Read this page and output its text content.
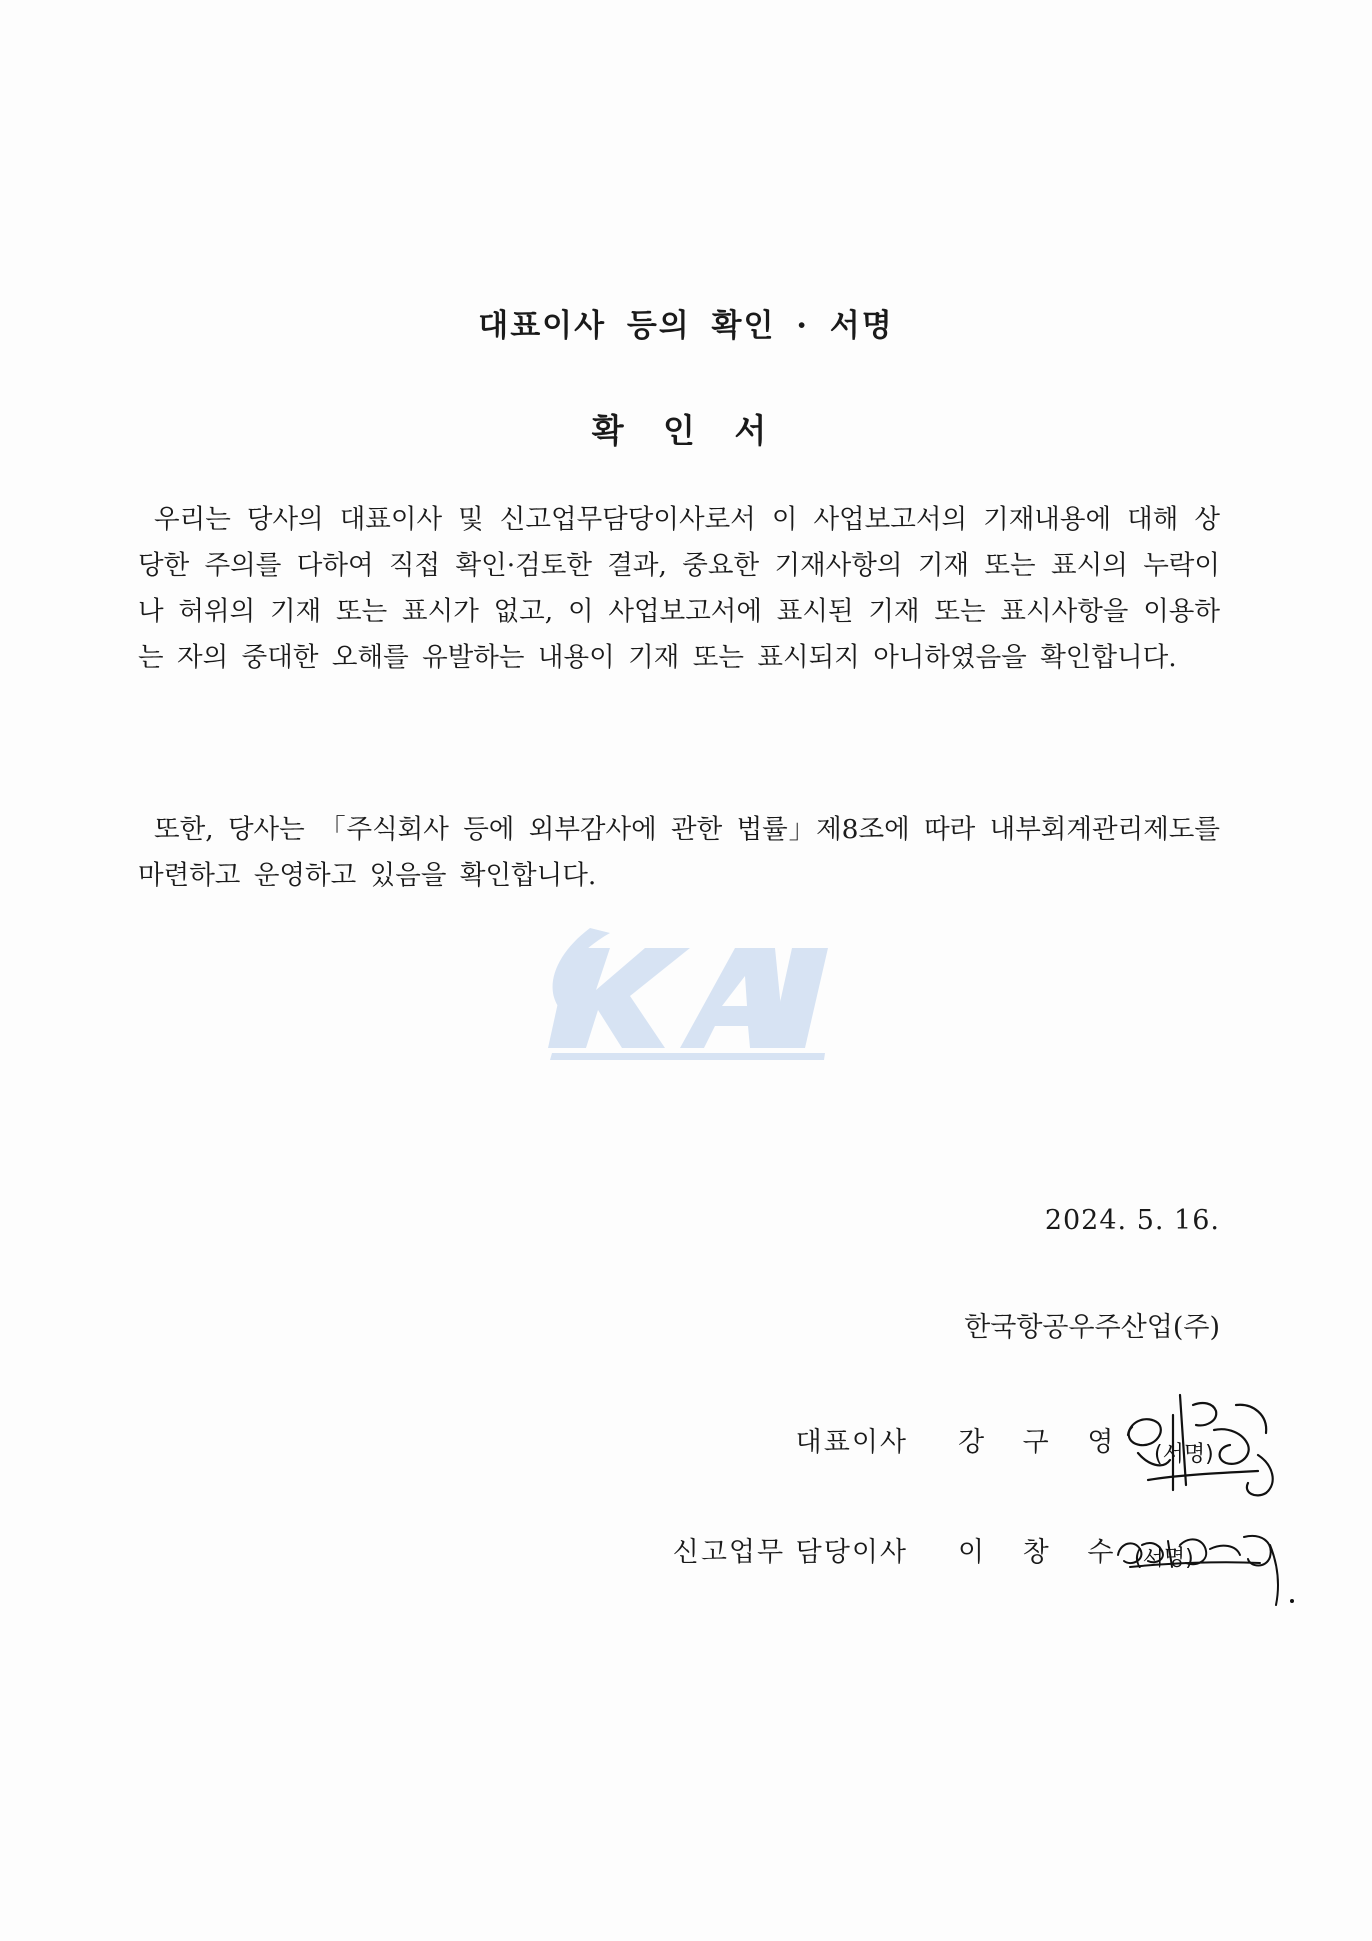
대표이사 등의 확인 · 서명
확 인 서
우리는 당사의 대표이사 및 신고업무담당이사로서 이 사업보고서의 기재내용에 대해 상당한 주의를 다하여 직접 확인·검토한 결과, 중요한 기재사항의 기재 또는 표시의 누락이나 허위의 기재 또는 표시가 없고, 이 사업보고서에 표시된 기재 또는 표시사항을 이용하는 자의 중대한 오해를 유발하는 내용이 기재 또는 표시되지 아니하였음을 확인합니다.
또한, 당사는 「주식회사 등에 외부감사에 관한 법률」제8조에 따라 내부회계관리제도를 마련하고 운영하고 있음을 확인합니다.
2024. 5. 16.
한국항공우주산업(주)
대표이사 강 구 영 (서명)
신고업무 담당이사 이 창 수 (서명)
